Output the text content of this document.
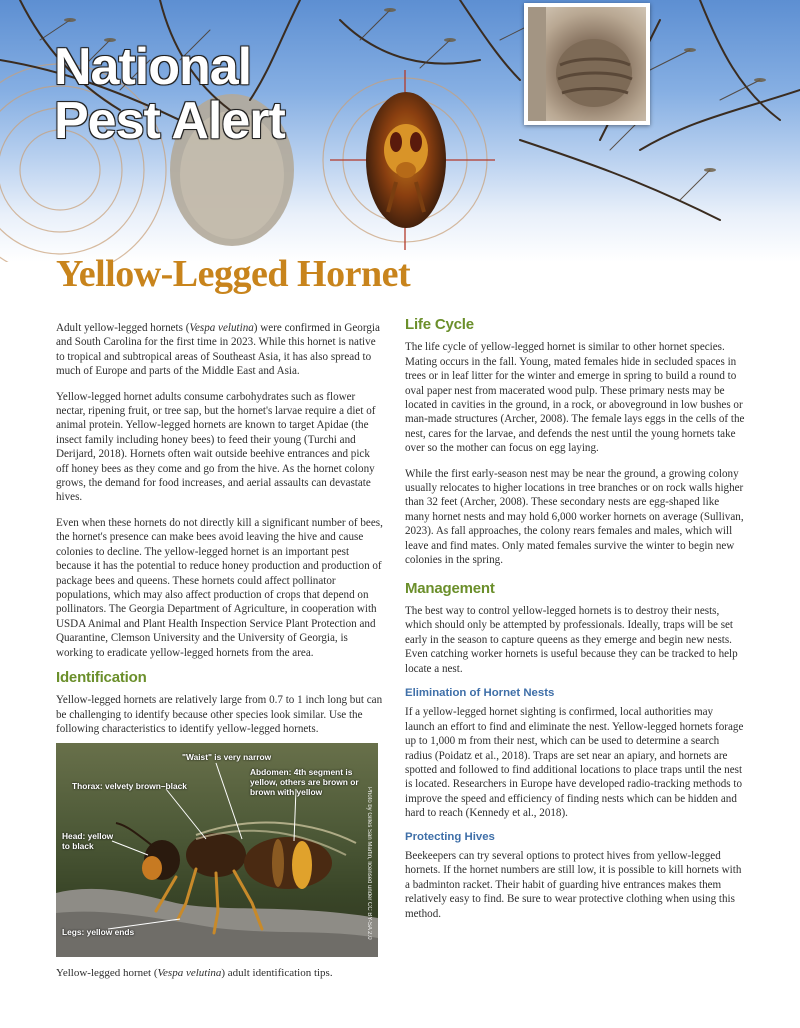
National
Pest Alert
Yellow-Legged Hornet

Adult yellow-legged hornets (Vespa velutina) were confirmed in Georgia and South Carolina for the first time in 2023. While this hornet is native to tropical and subtropical areas of Southeast Asia, it has also spread to much of Europe and parts of the Middle East and Asia.

Yellow-legged hornet adults consume carbohydrates such as flower nectar, ripening fruit, or tree sap, but the hornet's larvae require a diet of animal protein. Yellow-legged hornets are known to target Apidae (the insect family including honey bees) to feed their young (Turchi and Derijard, 2018). Hornets often wait outside beehive entrances and pick off honey bees as they come and go from the hive. As the hornet colony grows, the demand for food increases, and aerial assaults can devastate hives.

Even when these hornets do not directly kill a significant number of bees, the hornet's presence can make bees avoid leaving the hive and cause colonies to decline. The yellow-legged hornet is an important pest because it has the potential to reduce honey production and production of package bees and queens. These hornets could affect pollinator populations, which may also affect production of crops that depend on pollinators. The Georgia Department of Agriculture, in cooperation with USDA Animal and Plant Health Inspection Service Plant Protection and Quarantine, Clemson University and the University of Georgia, is working to eradicate yellow-legged hornets from the area.

Identification

Yellow-legged hornets are relatively large from 0.7 to 1 inch long but can be challenging to identify because other species look similar. Use the following characteristics to identify yellow-legged hornets.

"Waist" is very narrow
Thorax: velvety brown–black
Abdomen: 4th segment is yellow, others are brown or brown with yellow
Head: yellow to black
Legs: yellow ends	Photo by Gilles San Martin, licensed under CC BY-SA 2.0
Yellow-legged hornet (Vespa velutina) adult identification tips.
Life Cycle

The life cycle of yellow-legged hornet is similar to other hornet species. Mating occurs in the fall. Young, mated females hide in secluded spaces in trees or in leaf litter for the winter and emerge in spring to build a round to oval paper nest from macerated wood pulp. These primary nests may be located in cavities in the ground, in a rock, or aboveground in low bushes or man-made structures (Archer, 2008). The female lays eggs in the cells of the nest, cares for the larvae, and defends the nest until the young hornets take over so the mother can focus on egg laying.

While the first early-season nest may be near the ground, a growing colony usually relocates to higher locations in tree branches or on rock walls higher than 32 feet (Archer, 2008). These secondary nests are egg-shaped like many hornet nests and may hold 6,000 worker hornets on average (Sullivan, 2023). As fall approaches, the colony rears females and males, which will leave and find mates. Only mated females survive the winter to begin new colonies in the spring.

Management

The best way to control yellow-legged hornets is to destroy their nests, which should only be attempted by professionals. Ideally, traps will be set early in the season to capture queens as they emerge and begin new nests. Even catching worker hornets is useful because they can be tracked to help locate a nest.

Elimination of Hornet Nests

If a yellow-legged hornet sighting is confirmed, local authorities may launch an effort to find and eliminate the nest. Yellow-legged hornets forage up to 1,000 m from their nest, which can be used to determine a search radius (Poidatz et al., 2018). Traps are set near an apiary, and hornets are spotted and followed to find additional locations to place traps until the nest is located. Researchers in Europe have developed radio-tracking methods to improve the speed and efficiency of finding nests which can be hidden and hard to reach (Kennedy et al., 2018).

Protecting Hives

Beekeepers can try several options to protect hives from yellow-legged hornets. If the hornet numbers are still low, it is possible to kill hornets with a badminton racket. Their habit of guarding hive entrances makes them relatively easy to find. Be sure to wear protective clothing when using this method.
